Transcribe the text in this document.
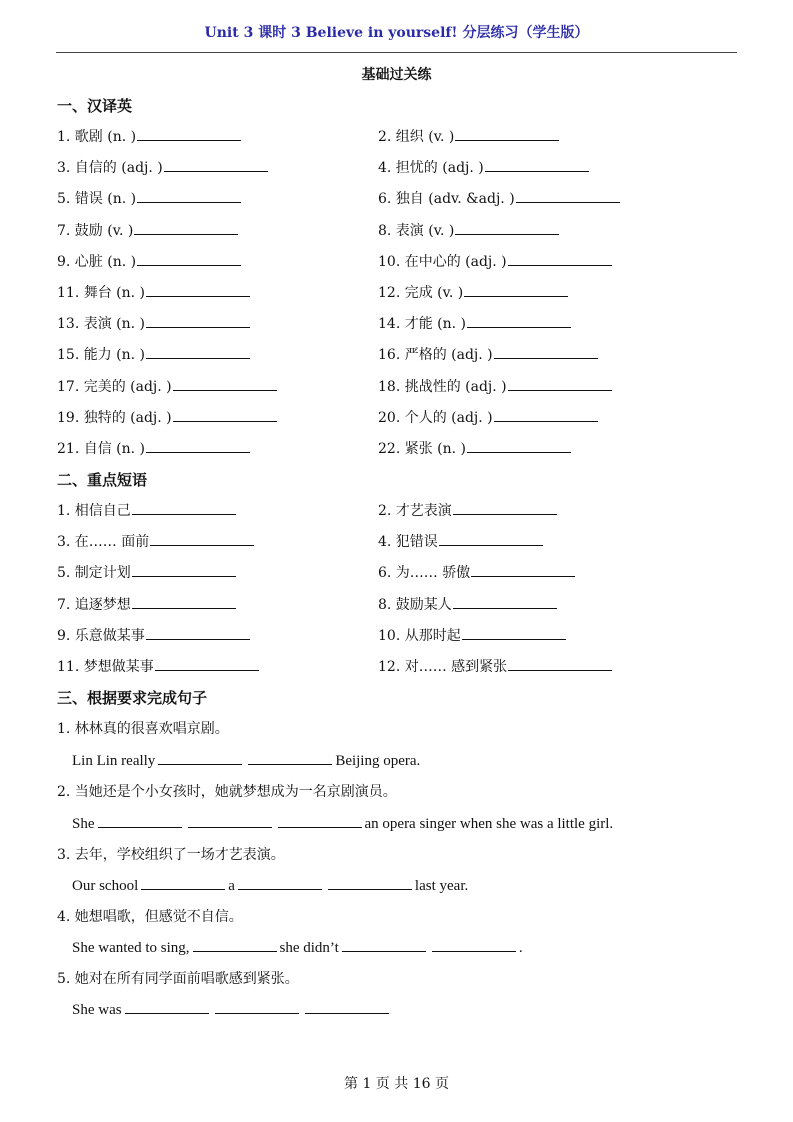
Unit 3 课时 3 Believe in yourself! 分层练习（学生版）
基础过关练
一、汉译英
1. 歌剧 (n. )	2. 组织 (v. )
3. 自信的 (adj. )	4. 担忧的 (adj. )
5. 错误 (n. )	6. 独自 (adv. &adj. )
7. 鼓励 (v. )	8. 表演 (v. )
9. 心脏 (n. )	10. 在中心的 (adj. )
11. 舞台 (n. )	12. 完成 (v. )
13. 表演 (n. )	14. 才能 (n. )
15. 能力 (n. )	16. 严格的 (adj. )
17. 完美的 (adj. )	18. 挑战性的 (adj. )
19. 独特的 (adj. )	20. 个人的 (adj. )
21. 自信 (n. )	22. 紧张 (n. )
二、重点短语
1. 相信自己	2. 才艺表演
3. 在…… 面前	4. 犯错误
5. 制定计划	6. 为…… 骄傲
7. 追逐梦想	8. 鼓励某人
9. 乐意做某事	10. 从那时起
11. 梦想做某事	12. 对…… 感到紧张
三、根据要求完成句子
1. 林林真的很喜欢唱京剧。
Lin Lin really	Beijing opera.
2. 当她还是个小女孩时，她就梦想成为一名京剧演员。
She	an opera singer when she was a little girl.
3. 去年，学校组织了一场才艺表演。
Our school	a	last year.
4. 她想唱歌，但感觉不自信。
She wanted to sing,	she didn’t	.
5. 她对在所有同学面前唱歌感到紧张。
She was
第 1 页 共 16 页
